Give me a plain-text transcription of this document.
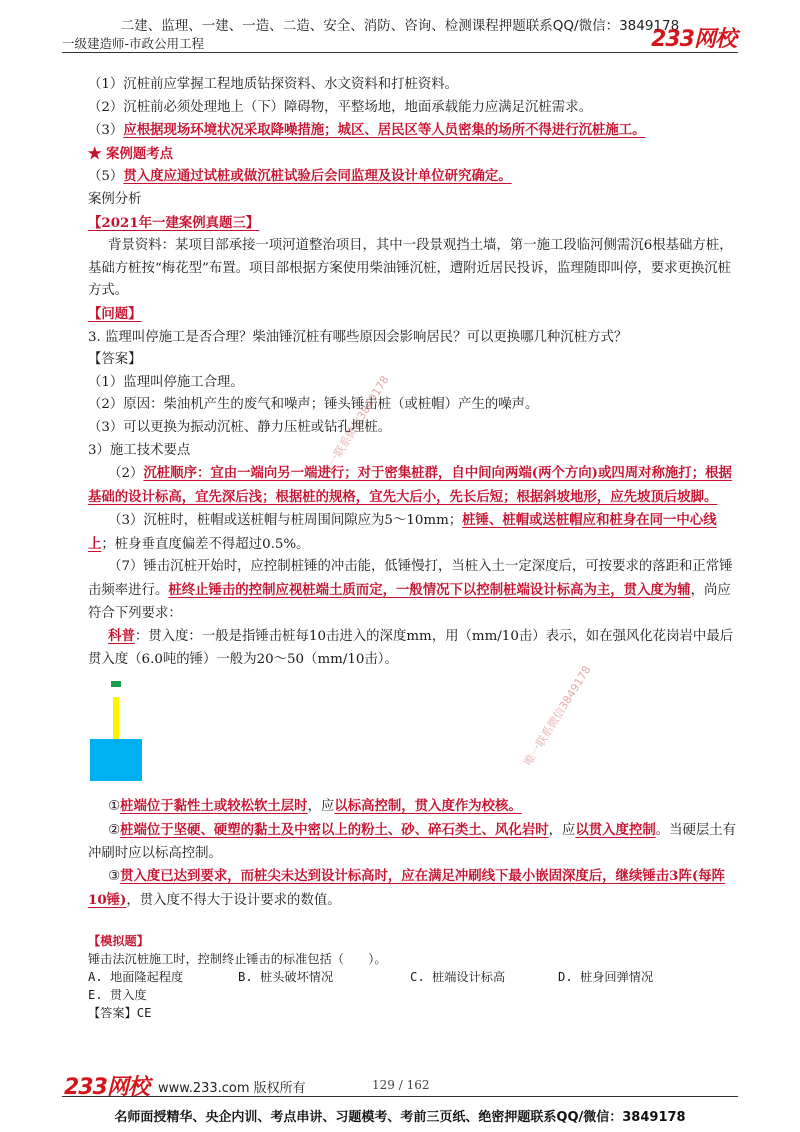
二建、监理、一建、一造、二造、安全、消防、咨询、检测课程押题联系QQ/微信：3849178
一级建造师-市政公用工程	233网校
唯一联系微信3849178
唯一联系微信3849178

（1）沉桩前应掌握工程地质钻探资料、水文资料和打桩资料。

（2）沉桩前必须处理地上（下）障碍物，平整场地，地面承载能力应满足沉桩需求。

（3）应根据现场环境状况采取降噪措施；城区、居民区等人员密集的场所不得进行沉桩施工。

★ 案例题考点

（5）贯入度应通过试桩或做沉桩试验后会同监理及设计单位研究确定。

案例分析

【2021年一建案例真题三】

背景资料：某项目部承接一项河道整治项目，其中一段景观挡土墙，第一施工段临河侧需沉6根基础方桩，基础方桩按“梅花型”布置。项目部根据方案使用柴油锤沉桩，遭附近居民投诉，监理随即叫停，要求更换沉桩方式。

【问题】

3. 监理叫停施工是否合理？柴油锤沉桩有哪些原因会影响居民？可以更换哪几种沉桩方式？

【答案】

（1）监理叫停施工合理。

（2）原因：柴油机产生的废气和噪声；锤头锤击桩（或桩帽）产生的噪声。

（3）可以更换为振动沉桩、静力压桩或钻孔埋桩。

3）施工技术要点

（2）沉桩顺序：宜由一端向另一端进行；对于密集桩群，自中间向两端(两个方向)或四周对称施打；根据基础的设计标高，宜先深后浅；根据桩的规格，宜先大后小，先长后短；根据斜坡地形，应先坡顶后坡脚。

（3）沉桩时，桩帽或送桩帽与桩周围间隙应为5～10mm；桩锤、桩帽或送桩帽应和桩身在同一中心线上；桩身垂直度偏差不得超过0.5%。

（7）锤击沉桩开始时，应控制桩锤的冲击能，低锤慢打，当桩入土一定深度后，可按要求的落距和正常锤击频率进行。桩终止锤击的控制应视桩端土质而定，一般情况下以控制桩端设计标高为主，贯入度为辅，尚应符合下列要求：

科普：贯入度：一般是指锤击桩每10击进入的深度mm，用（mm/10击）表示，如在强风化花岗岩中最后贯入度（6.0吨的锤）一般为20～50（mm/10击）。

①桩端位于黏性土或较松软土层时，应以标高控制，贯入度作为校核。

②桩端位于坚硬、硬塑的黏土及中密以上的粉土、砂、碎石类土、风化岩时，应以贯入度控制。当硬层土有冲刷时应以标高控制。

③贯入度已达到要求，而桩尖未达到设计标高时，应在满足冲刷线下最小嵌固深度后，继续锤击3阵(每阵10锤)，贯入度不得大于设计要求的数值。

【模拟题】

锤击法沉桩施工时，控制终止锤击的标准包括（　　）。

A. 地面隆起程度	B. 桩头破坏情况	C. 桩端设计标高	D. 桩身回弹情况

E. 贯入度

【答案】CE

233网校 www.233.com 版权所有	129 / 162
名师面授精华、央企内训、考点串讲、习题模考、考前三页纸、绝密押题联系QQ/微信：3849178
